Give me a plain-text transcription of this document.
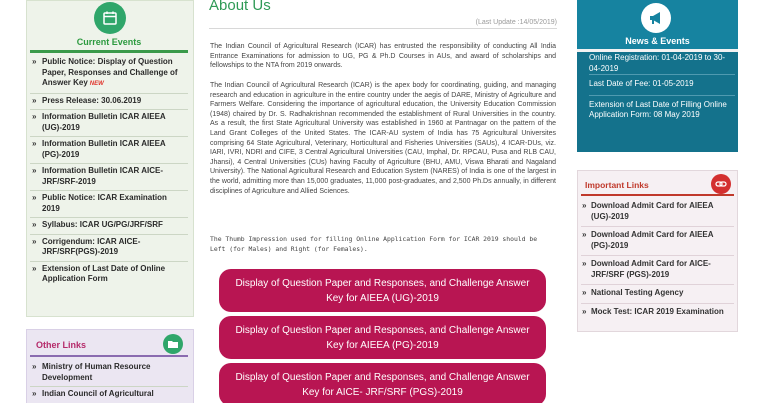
Current Events
» Public Notice: Display of Question Paper, Responses and Challenge of Answer Key NEW
» Press Release: 30.06.2019
» Information Bulletin ICAR AIEEA (UG)-2019
» Information Bulletin ICAR AIEEA (PG)-2019
» Information Bulletin ICAR AICE-JRF/SRF-2019
» Public Notice: ICAR Examination 2019
» Syllabus: ICAR UG/PG/JRF/SRF
» Corrigendum: ICAR AICE-JRF/SRF(PGS)-2019
» Extension of Last Date of Online Application Form
Other Links
» Ministry of Human Resource Development
» Indian Council of Agricultural
About Us
(Last Update :14/05/2019)
The Indian Council of Agricultural Research (ICAR) has entrusted the responsibility of conducting All India Entrance Examinations for admission to UG, PG & Ph.D Courses in AUs, and award of scholarships and fellowships to the NTA from 2019 onwards.
The Indian Council of Agricultural Research (ICAR) is the apex body for coordinating, guiding, and managing research and education in agriculture in the entire country under the aegis of DARE, Ministry of Agriculture and Farmers Welfare. Considering the importance of agricultural education, the University Education Commission (1948) chaired by Dr. S. Radhakrishnan recommended the establishment of Rural Universities in the country. As a result, the first State Agricultural University was established in 1960 at Pantnagar on the pattern of the Land Grant Colleges of the United States. The ICAR-AU system of India has 75 Agricultural Universites comprising 64 State Agricultural, Veterinary, Horticultural and Fisheries Universities (SAUs), 4 ICAR-DUs, viz. IARI, IVRI, NDRI and CIFE, 3 Central Agricultural Universities (CAU, Imphal, Dr. RPCAU, Pusa and RLB CAU, Jhansi), 4 Central Universities (CUs) having Faculty of Agriculture (BHU, AMU, Viswa Bharati and Nagaland University). The National Agricultural Research and Education System (NARES) of India is one of the largest in the world, admitting more than 15,000 graduates, 11,000 post-graduates, and 2,500 Ph.Ds annually, in different disciplines of Agriculture and Allied Sciences.
The Thumb Impression used for filling Online Application Form for ICAR 2019 should be Left (for Males) and Right (for Females).
Display of Question Paper and Responses, and Challenge Answer Key for AIEEA (UG)-2019
Display of Question Paper and Responses, and Challenge Answer Key for AIEEA (PG)-2019
Display of Question Paper and Responses, and Challenge Answer Key for AICE- JRF/SRF (PGS)-2019
News & Events
Online Registration: 01-04-2019 to 30-04-2019
Last Date of Fee: 01-05-2019
Extension of Last Date of Filling Online Application Form: 08 May 2019
Important Links
» Download Admit Card for AIEEA (UG)-2019
» Download Admit Card for AIEEA (PG)-2019
» Download Admit Card for AICE-JRF/SRF (PGS)-2019
» National Testing Agency
» Mock Test: ICAR 2019 Examination
